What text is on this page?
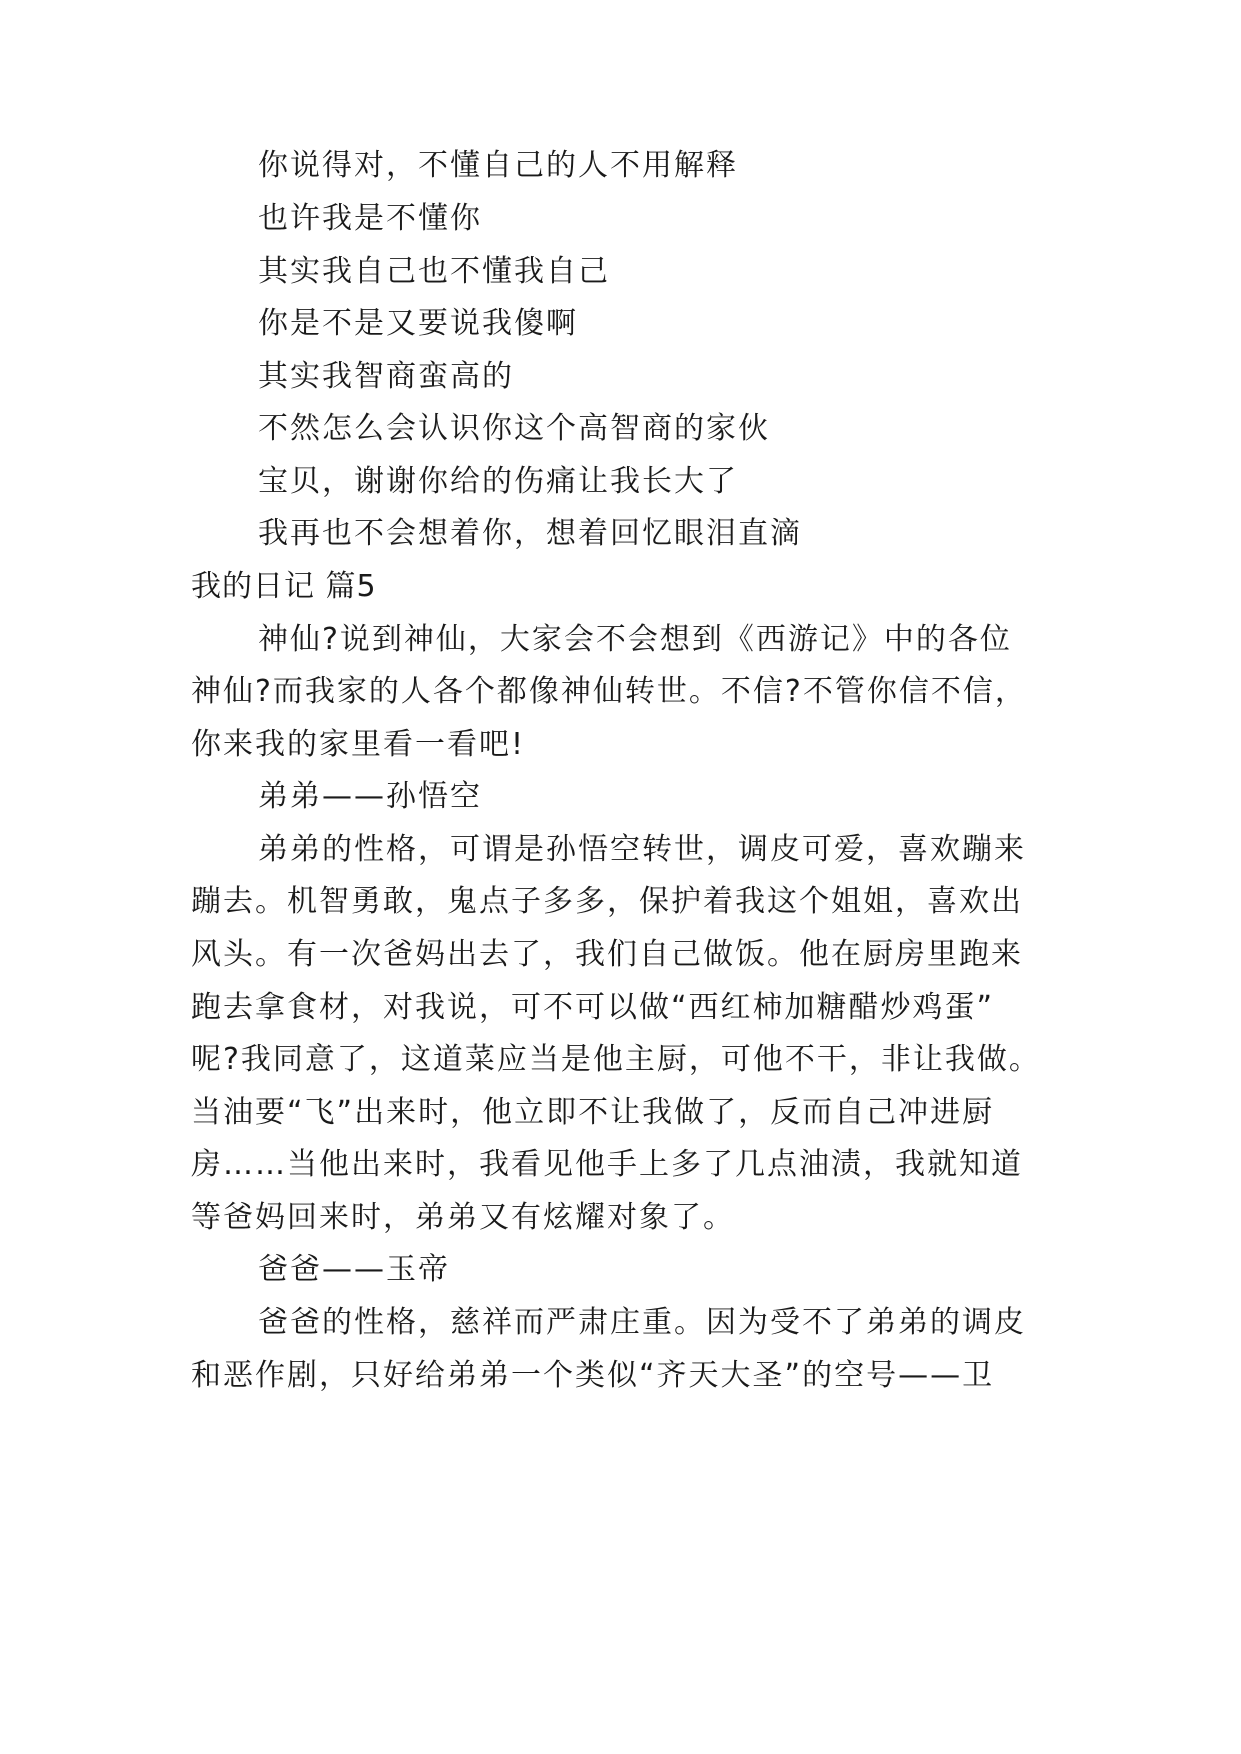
你说得对，不懂自己的人不用解释
也许我是不懂你
其实我自己也不懂我自己
你是不是又要说我傻啊
其实我智商蛮高的
不然怎么会认识你这个高智商的家伙
宝贝，谢谢你给的伤痛让我长大了
我再也不会想着你，想着回忆眼泪直滴
我的日记 篇5
神仙?说到神仙，大家会不会想到《西游记》中的各位
神仙?而我家的人各个都像神仙转世。不信?不管你信不信，
你来我的家里看一看吧!
弟弟——孙悟空
弟弟的性格，可谓是孙悟空转世，调皮可爱，喜欢蹦来
蹦去。机智勇敢，鬼点子多多，保护着我这个姐姐，喜欢出
风头。有一次爸妈出去了，我们自己做饭。他在厨房里跑来
跑去拿食材，对我说，可不可以做“西红柿加糖醋炒鸡蛋”
呢?我同意了，这道菜应当是他主厨，可他不干，非让我做。
当油要“飞”出来时，他立即不让我做了，反而自己冲进厨
房……当他出来时，我看见他手上多了几点油渍，我就知道
等爸妈回来时，弟弟又有炫耀对象了。
爸爸——玉帝
爸爸的性格，慈祥而严肃庄重。因为受不了弟弟的调皮
和恶作剧，只好给弟弟一个类似“齐天大圣”的空号——卫
